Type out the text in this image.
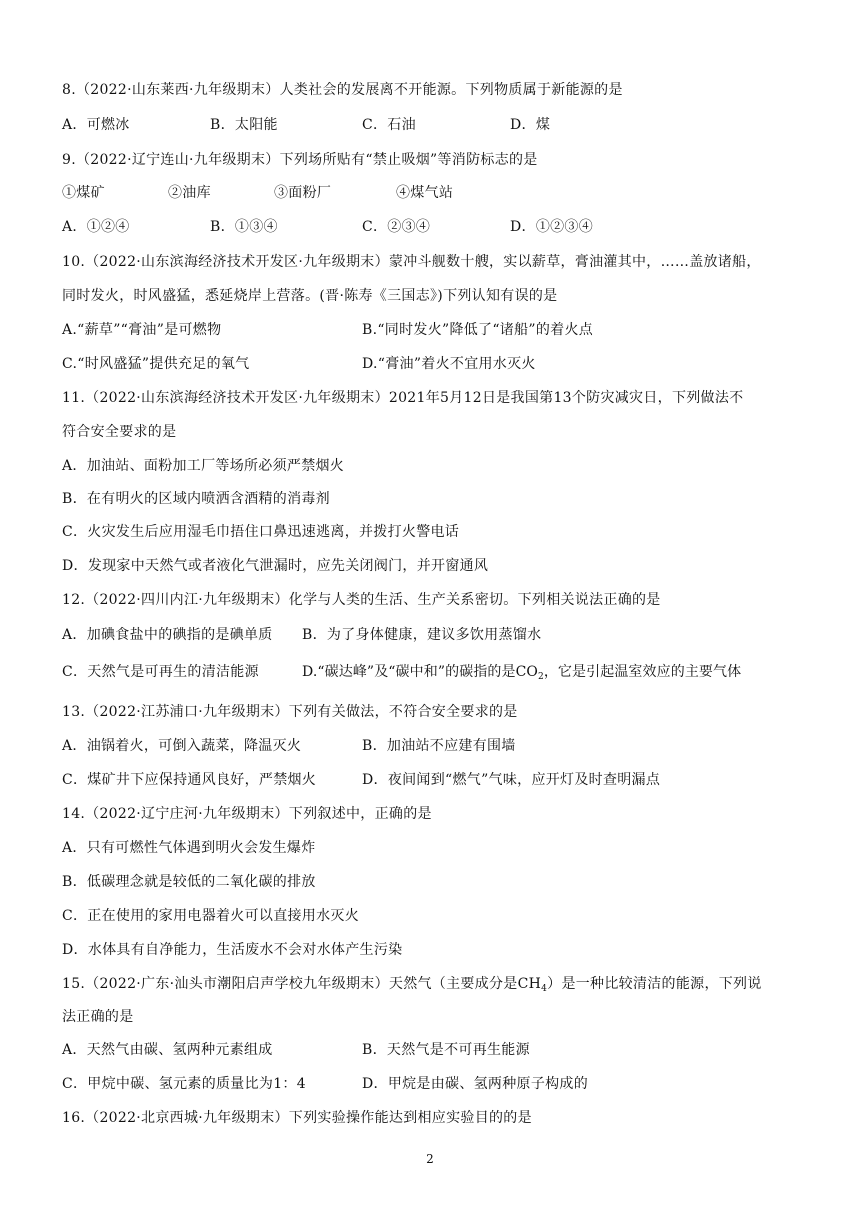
8.（2022·山东莱西·九年级期末）人类社会的发展离不开能源。下列物质属于新能源的是
A．可燃冰	B．太阳能	C．石油	D．煤
9.（2022·辽宁连山·九年级期末）下列场所贴有“禁止吸烟”等消防标志的是
①煤矿	②油库	③面粉厂	④煤气站
A．①②④	B．①③④	C．②③④	D．①②③④
10.（2022·山东滨海经济技术开发区·九年级期末）蒙冲斗舰数十艘，实以薪草，膏油灌其中，……盖放诸船，
同时发火，时风盛猛，悉延烧岸上营落。(晋·陈寿《三国志》)下列认知有误的是
A.“薪草”“膏油”是可燃物	B.“同时发火”降低了“诸船”的着火点
C.“时风盛猛”提供充足的氧气	D.“膏油”着火不宜用水灭火
11.（2022·山东滨海经济技术开发区·九年级期末）2021年5月12日是我国第13个防灾减灾日，下列做法不
符合安全要求的是
A．加油站、面粉加工厂等场所必须严禁烟火
B．在有明火的区域内喷洒含酒精的消毒剂
C．火灾发生后应用湿毛巾捂住口鼻迅速逃离，并拨打火警电话
D．发现家中天然气或者液化气泄漏时，应先关闭阀门，并开窗通风
12.（2022·四川内江·九年级期末）化学与人类的生活、生产关系密切。下列相关说法正确的是
A．加碘食盐中的碘指的是碘单质 B．为了身体健康，建议多饮用蒸馏水
C．天然气是可再生的清洁能源	D.“碳达峰”及“碳中和”的碳指的是$CO_2$，它是引起温室效应的主要气体
13.（2022·江苏浦口·九年级期末）下列有关做法，不符合安全要求的是
A．油锅着火，可倒入蔬菜，降温灭火	B．加油站不应建有围墙
C．煤矿井下应保持通风良好，严禁烟火	D．夜间闻到“燃气”气味，应开灯及时查明漏点
14.（2022·辽宁庄河·九年级期末）下列叙述中，正确的是
A．只有可燃性气体遇到明火会发生爆炸
B．低碳理念就是较低的二氧化碳的排放
C．正在使用的家用电器着火可以直接用水灭火
D．水体具有自净能力，生活废水不会对水体产生污染
15.（2022·广东·汕头市潮阳启声学校九年级期末）天然气（主要成分是$CH_4$）是一种比较清洁的能源，下列说
法正确的是
A．天然气由碳、氢两种元素组成	B．天然气是不可再生能源
C．甲烷中碳、氢元素的质量比为1：4	D．甲烷是由碳、氢两种原子构成的
16.（2022·北京西城·九年级期末）下列实验操作能达到相应实验目的的是
2
